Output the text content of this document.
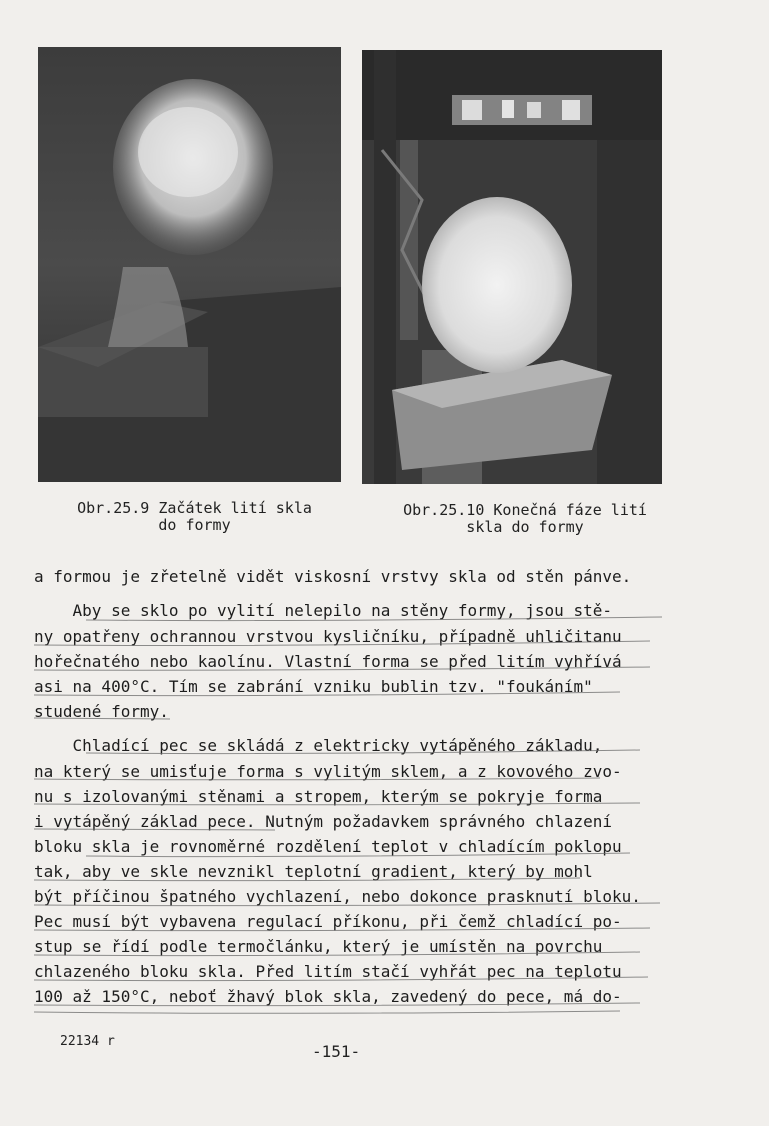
Obr.25.9 Začátek lití skla
do formy
Obr.25.10 Konečná fáze lití
skla do formy
a formou je zřetelně vidět viskosní vrstvy skla od stěn pánve.
Aby se sklo po vylití nelepilo na stěny formy, jsou stě-
ny opatřeny ochrannou vrstvou kysličníku, případně uhličitanu
hořečnatého nebo kaolínu. Vlastní forma se před litím vyhřívá
asi na 400°C. Tím se zabrání vzniku bublin tzv. "foukáním"
studené formy.
Chladící pec se skládá z elektricky vytápěného základu,
na který se umisťuje forma s vylitým sklem, a z kovového zvo-
nu s izolovanými stěnami a stropem, kterým se pokryje forma
i vytápěný základ pece. Nutným požadavkem správného chlazení
bloku skla je rovnoměrné rozdělení teplot v chladícím poklopu
tak, aby ve skle nevznikl teplotní gradient, který by mohl
být příčinou špatného vychlazení, nebo dokonce prasknutí bloku.
Pec musí být vybavena regulací příkonu, při čemž chladící po-
stup se řídí podle termočlánku, který je umístěn na povrchu
chlazeného bloku skla. Před litím stačí vyhřát pec na teplotu
100 až 150°C, neboť žhavý blok skla, zavedený do pece, má do-
22134 r
-151-
